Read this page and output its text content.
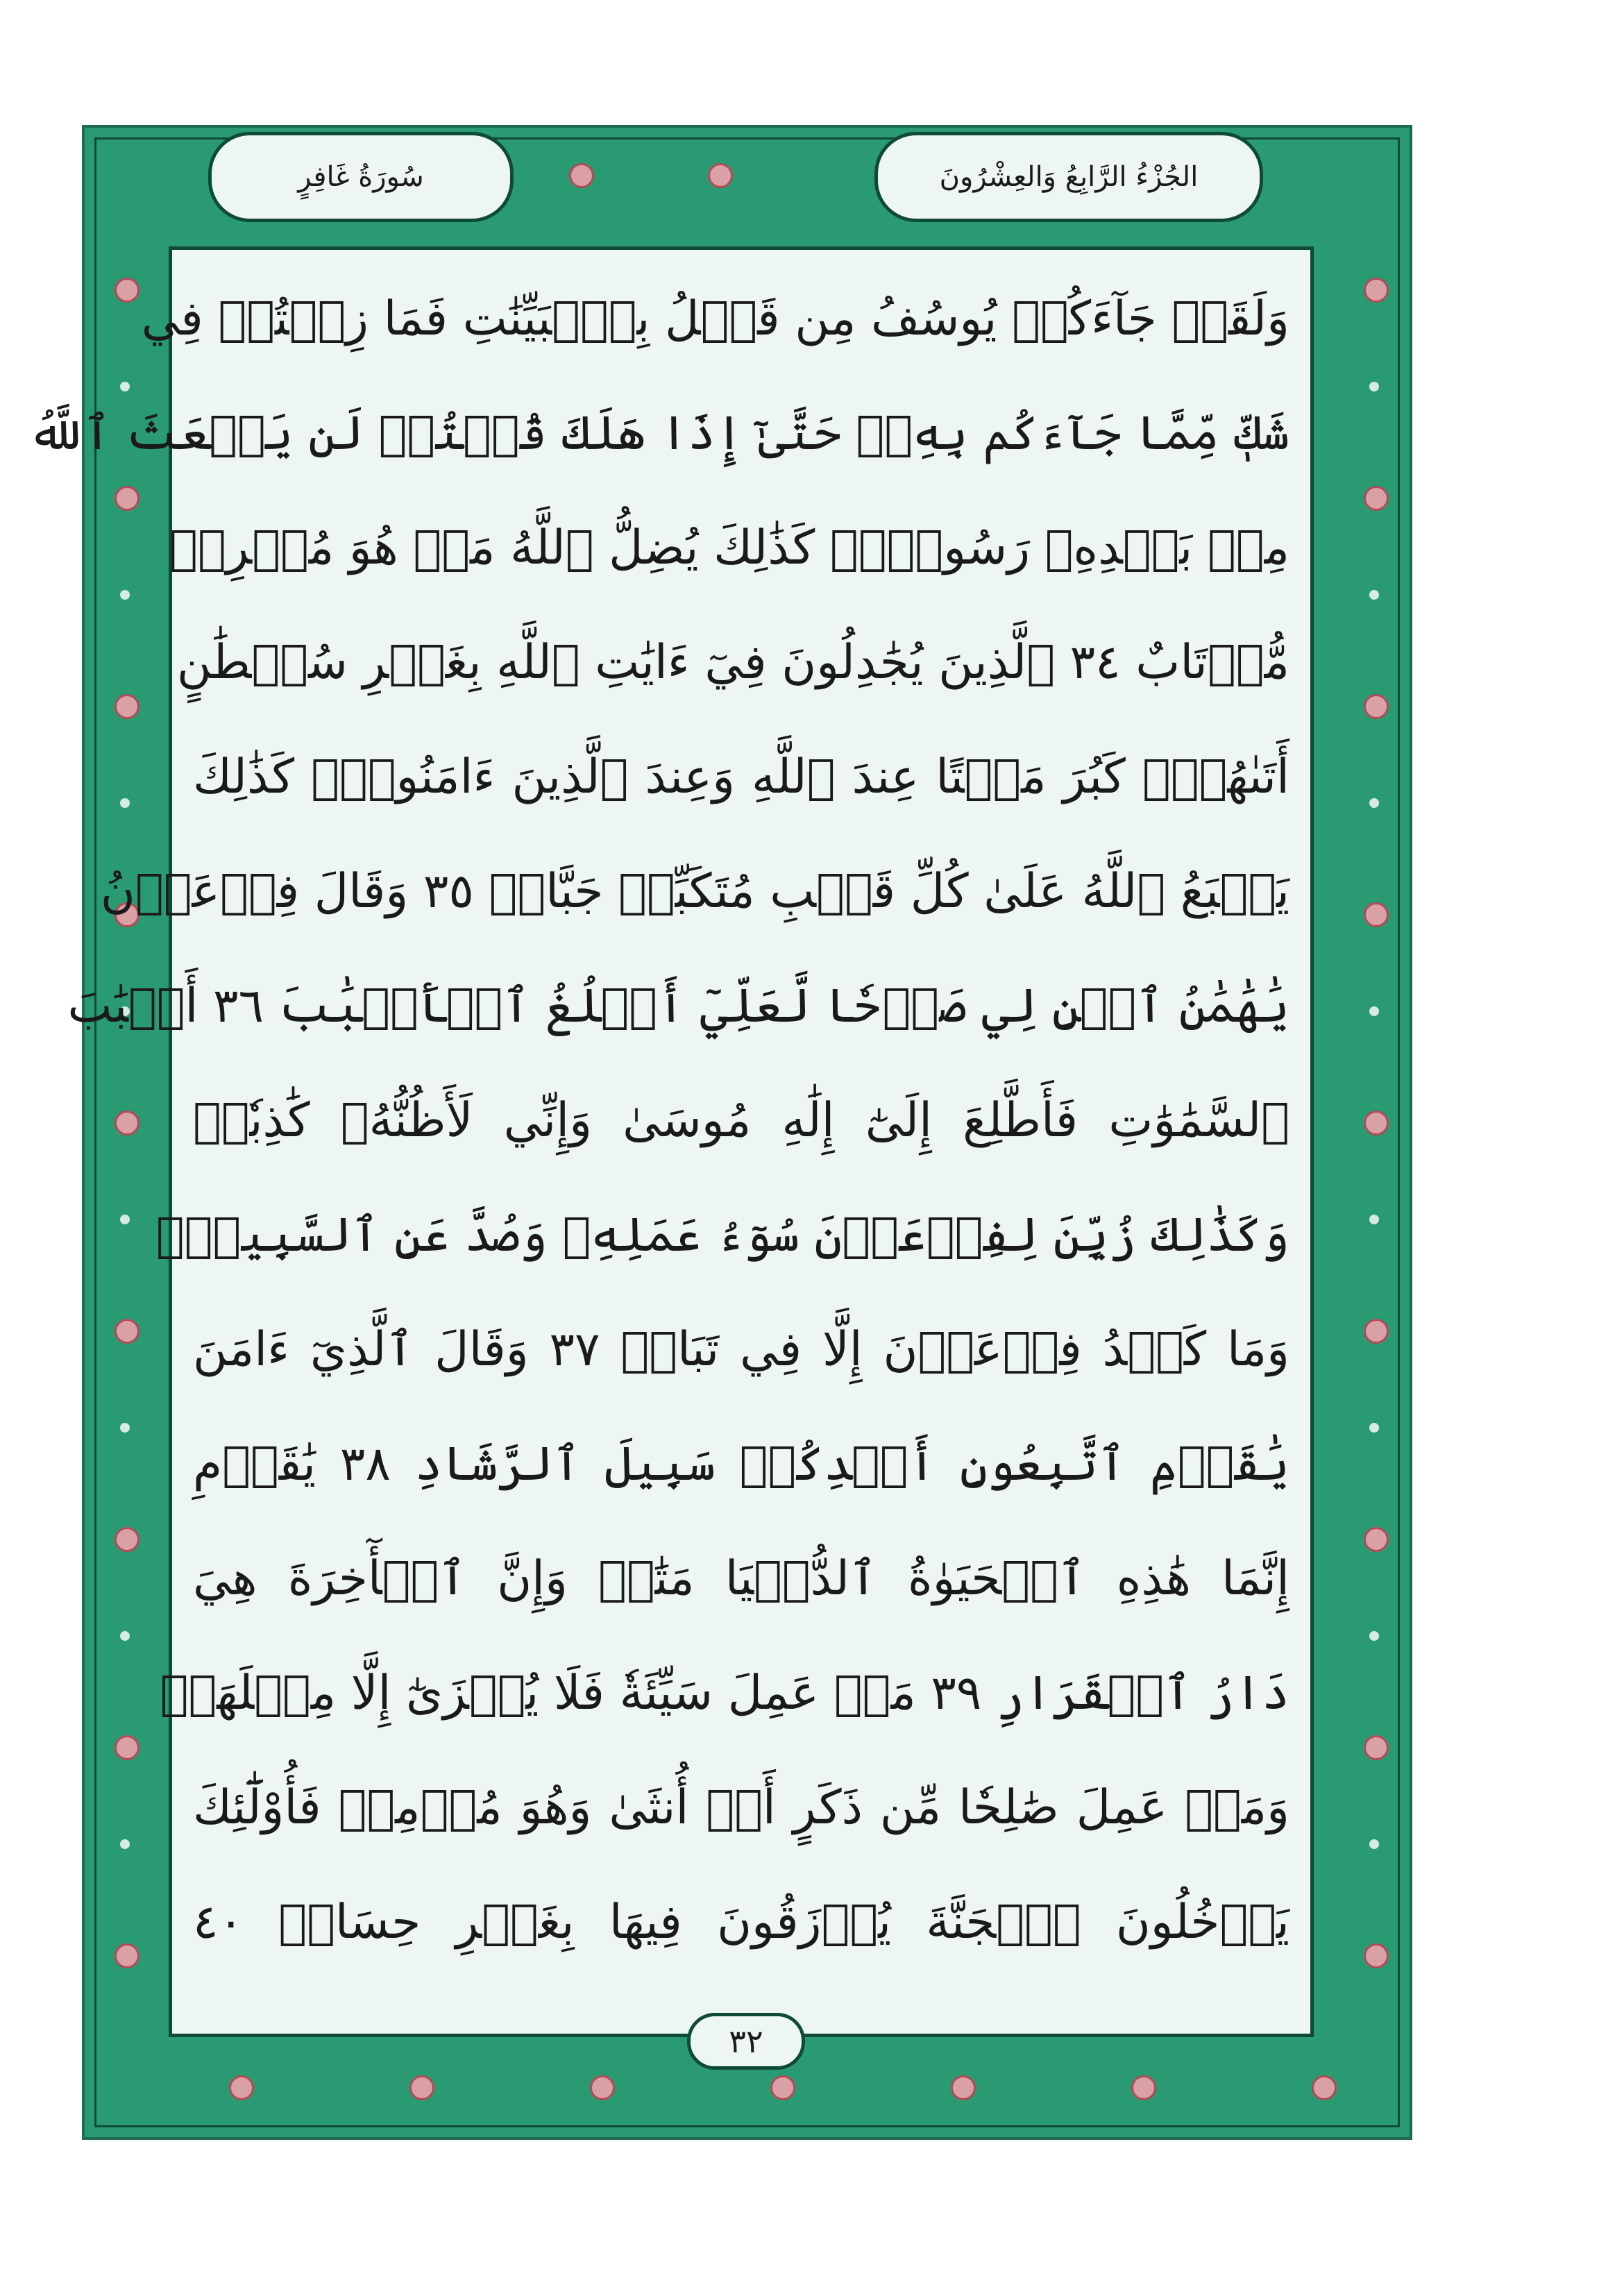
الجُزْءُ الرَّابِعُ وَالعِشْرُونَ
سُورَةُ غَافِرٍ
وَلَقَدۡ جَآءَكُمۡ يُوسُفُ مِن قَبۡلُ بِٱلۡبَيِّنَٰتِ فَمَا زِلۡتُمۡ فِي
شَكّٖ مِّمَّا جَآءَكُم بِهِۦۖ حَتَّىٰٓ إِذَا هَلَكَ قُلۡتُمۡ لَن يَبۡعَثَ ٱللَّهُ
مِنۢ بَعۡدِهِۦ رَسُولٗاۚ كَذَٰلِكَ يُضِلُّ ٱللَّهُ مَنۡ هُوَ مُسۡرِفٞ
مُّرۡتَابٌ ٣٤ ٱلَّذِينَ يُجَٰدِلُونَ فِيٓ ءَايَٰتِ ٱللَّهِ بِغَيۡرِ سُلۡطَٰنٍ
أَتَىٰهُمۡۖ كَبُرَ مَقۡتًا عِندَ ٱللَّهِ وَعِندَ ٱلَّذِينَ ءَامَنُواْۚ كَذَٰلِكَ
يَطۡبَعُ ٱللَّهُ عَلَىٰ كُلِّ قَلۡبِ مُتَكَبِّرٖ جَبَّارٖ ٣٥ وَقَالَ فِرۡعَوۡنُ
يَٰهَٰمَٰنُ ٱبۡنِ لِي صَرۡحٗا لَّعَلِّيٓ أَبۡلُغُ ٱلۡأَسۡبَٰبَ ٣٦ أَسۡبَٰبَ
ٱلسَّمَٰوَٰتِ فَأَطَّلِعَ إِلَىٰٓ إِلَٰهِ مُوسَىٰ وَإِنِّي لَأَظُنُّهُۥ كَٰذِبٗاۚ
وَكَذَٰلِكَ زُيِّنَ لِفِرۡعَوۡنَ سُوٓءُ عَمَلِهِۦ وَصُدَّ عَنِ ٱلسَّبِيلِۚ
وَمَا كَيۡدُ فِرۡعَوۡنَ إِلَّا فِي تَبَابٖ ٣٧ وَقَالَ ٱلَّذِيٓ ءَامَنَ
يَٰقَوۡمِ ٱتَّبِعُونِ أَهۡدِكُمۡ سَبِيلَ ٱلرَّشَادِ ٣٨ يَٰقَوۡمِ
إِنَّمَا هَٰذِهِ ٱلۡحَيَوٰةُ ٱلدُّنۡيَا مَتَٰعٞ وَإِنَّ ٱلۡأٓخِرَةَ هِيَ
دَارُ ٱلۡقَرَارِ ٣٩ مَنۡ عَمِلَ سَيِّئَةٗ فَلَا يُجۡزَىٰٓ إِلَّا مِثۡلَهَاۖ
وَمَنۡ عَمِلَ صَٰلِحٗا مِّن ذَكَرٍ أَوۡ أُنثَىٰ وَهُوَ مُؤۡمِنٞ فَأُوْلَٰٓئِكَ
يَدۡخُلُونَ ٱلۡجَنَّةَ يُرۡزَقُونَ فِيهَا بِغَيۡرِ حِسَابٖ ٤٠
٣٢
